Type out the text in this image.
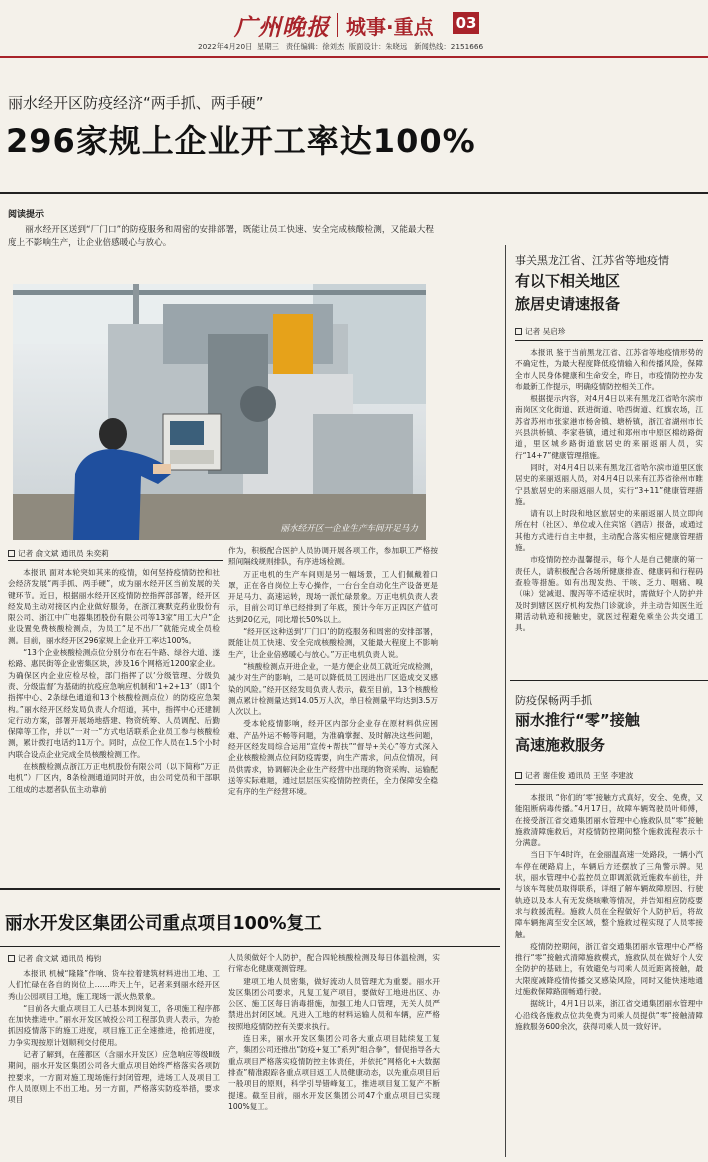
广州晚报 城事·重点 03
2022年4月20日  星期三   责任编辑：徐刘杰  版面设计：朱晓远   新闻热线：2151666
丽水经开区防疫经济“两手抓、两手硬”
296家规上企业开工率达100%
阅读提示
丽水经开区送到“厂门口”的防疫服务和周密的安排部署，既能让员工快速、安全完成核酸检测，又能最大程度上不影响生产，让企业倍感暖心与放心。
丽水经开区一企业生产车间开足马力
记者 俞文斌 通讯员 朱奕莉

本报讯 面对本轮突如其来的疫情，如何坚持疫情防控和社会经济发展“两手抓、两手硬”，成为丽水经开区当前发展的关键环节。近日，根据丽水经开区疫情防控指挥部部署，经开区经发局主动对接区内企业做好服务，在浙江赛默克药业股份有限公司、浙江中广电器集团股份有限公司等13家“用工大户”企业设置免费核酸检测点，为员工“足不出厂”就能完成全员检测。目前，丽水经开区296家规上企业开工率达100%。

“13个企业核酸检测点位分别分布在石牛路、绿谷大道、遂松路、惠民街等企业密集区块，涉及16个网格近1200家企业。为确保区内企业应检尽检，部门指挥了以‘分级管理、分级负责、分级监督’为基础的抗疫应急响应机制和‘1+2+13’（即1个指挥中心、2条绿色通道和13个核酸检测点位）的防疫应急架构。”丽水经开区经发局负责人介绍道，其中，指挥中心还建制定行动方案，部署开展场地搭建、物资统筹、人员调配、后勤保障等工作，并以“一对一”方式电话联系企业员工参与核酸检测，累计拨打电话约11万个。同时，点位工作人员在1.5个小时内联合设点企业完成全员核酸检测工作。

在核酸检测点浙江万正电机股份有限公司（以下简称“万正电机”）厂区内，8条检测通道同时开放，由公司党员和干部职工组成的志愿者队伍主动靠前

作为，积极配合医护人员协调开展各项工作，参加职工严格按照间隔线规则排队，有序进场检测。

万正电机的生产车间则是另一幅场景，工人们佩戴着口罩，正在各自岗位上专心操作，一台台全自动化生产设备更是开足马力、高速运转，现场一派忙碌景象。万正电机负责人表示，目前公司订单已经排到了年底，预计今年万正四区产值可达到20亿元，同比增长50%以上。

“经开区这种送到‘厂门口’的防疫服务和周密的安排部署，既能让员工快速、安全完成核酸检测，又能最大程度上不影响生产，让企业倍感暖心与放心。”万正电机负责人说。

“核酸检测点开进企业，一是方便企业员工就近完成检测，减少对生产的影响，二是可以降低员工因进出厂区造成交叉感染的风险。”经开区经发局负责人表示，截至目前，13个核酸检测点累计检测量达到14.05万人次，单日检测量平均达到3.5万人次以上。

受本轮疫情影响，经开区内部分企业存在原材料供应困难、产品外运不畅等问题，为准确掌握、及时解决这些问题，经开区经发局综合运用“宣传+帮扶”“督导+关心”等方式深入企业核酸检测点位问防疫需要，向生产需求，问点位情况，问员供需求，协调解决企业生产经营中出现的物资采购、运输配送等实际难题，通过层层压实疫情防控责任，全力保障安全稳定有序的生产经营环境。

丽水开发区集团公司重点项目100%复工
记者 俞文斌 通讯员 梅钧

本报讯 机械“隆隆”作响、货车拉着建筑材料进出工地、工人们忙碌在各自的岗位上……昨天上午，记者来到丽水经开区秀山公园项目工地，施工现场一派火热景象。

“目前各大重点项目工人已基本到岗复工，各项施工程序都在加快推进中。”丽水开发区城投公司工程部负责人表示，为抢抓因疫情落下的施工进度，项目施工正全速推进，抢抓进度，力争实现按原计划顺利交付使用。

记者了解到，在莲都区（含丽水开发区）应急响应等级Ⅱ级期间，丽水开发区集团公司各大重点项目始终严格落实各项防控要求，一方面对施工现场施行封闭管理，进场工人及项目工作人员原则上不出工地。另一方面，严格落实防疫举措，要求项目

人员须做好个人防护，配合四轮核酸检测及每日体温检测，实行常态化健康观测管理。

建项工地人员密集，做好流动人员管理尤为重要。丽水开发区集团公司要求，凡复工复产项目，要做好工地进出区、办公区、施工区每日消毒措施，加强工地人口管理，无关人员严禁进出封闭区域。凡进入工地的材料运输人员和车辆，应严格按照地疫情防控有关要求执行。

连日来，丽水开发区集团公司各大重点项目陆续复工复产，集团公司还推出“防疫+复工”系列“组合拳”，督促指导各大重点项目严格落实疫情防控主体责任，并依托“网格化+大数据排查”精准跟踪各重点项目返工人员健康动态，以先重点项目后一般项目的原则，科学引导错峰复工，推进项目复工复产不断提速。截至目前，丽水开发区集团公司47个重点项目已实现100%复工。

事关黑龙江省、江苏省等地疫情
有以下相关地区
旅居史请速报备
记者 吴启珍

本报讯 鉴于当前黑龙江省、江苏省等地疫情形势的不确定性，为最大程度降低疫情输入和传播风险，保障全市人民身体健康和生命安全，昨日，市疫情防控办发布最新工作提示，明确疫情防控相关工作。

根据提示内容，对4月4日以来有黑龙江省哈尔滨市南岗区文化街道、跃进街道、哈西街道、红旗农场，江苏省苏州市张家港市杨舍镇、塘桥镇，浙江省湖州市长兴县洪桥镇、李家巷镇，通过和郑州市中原区棉纺路街道，里区城乡路街道旅居史的来丽返丽人员，实行“14+7”健康管理措施。

同时，对4月4日以来有黑龙江省哈尔滨市道里区旅居史的来丽返丽人员，对4月4日以来有江苏省徐州市睢宁县旅居史的来丽返丽人员，实行“3+11”健康管理措施。

请有以上时段和地区旅居史的来丽返丽人员立即向所在村（社区）、单位或入住宾馆（酒店）报备，或通过其他方式进行自主申报，主动配合落实相应健康管理措施。

市疫情防控办温馨提示，每个人是自己健康的第一责任人，请积极配合各场所健康排查、健康码和行程码查验等措施。如有出现发热、干咳、乏力、咽痛、嗅（味）觉减退、腹泻等不适症状时，需做好个人防护并及时到辖区医疗机构发热门诊就诊，并主动告知医生近期活动轨迹和接触史，就医过程避免乘坐公共交通工具。

防疫保畅两手抓
丽水推行“零”接触
高速施救服务
记者 谢佳俊 通讯员 王坚 李建波

本报讯 “你们的‘零’接触方式真好，安全、免费，又能阻断病毒传播。”4月17日，故障车辆驾驶员叶师傅，在接受浙江省交通集团丽水管理中心施救队员“零”接触施救清障施救后，对疫情防控期间整个施救流程表示十分满意。

当日下午4时许，在金丽温高速一处路段，一辆小汽车停在硬路肩上，车辆后方还摆放了三角警示牌。见状，丽水管理中心监控员立即调派就近施救车前往，并与该车驾驶员取得联系，详细了解车辆故障原因、行驶轨迹以及本人有无发烧咳嗽等情况，并告知相应防疫要求与救援流程。施救人员在全程做好个人防护后，将故障车辆拖离至安全区域，整个施救过程实现了人员零接触。

疫情防控期间，浙江省交通集团丽水管理中心严格推行“零”接触式清障施救模式，施救队员在做好个人安全防护的基础上，有效避免与司乘人员近距离接触，最大限度减降疫情传播交叉感染风险，同时又能快速地通过施救保障路面畅通行驶。

据统计，4月1日以来，浙江省交通集团丽水管理中心沿线各施救点位共免费为司乘人员提供“零”接触清障施救服务600余次，获得司乘人员一致好评。
